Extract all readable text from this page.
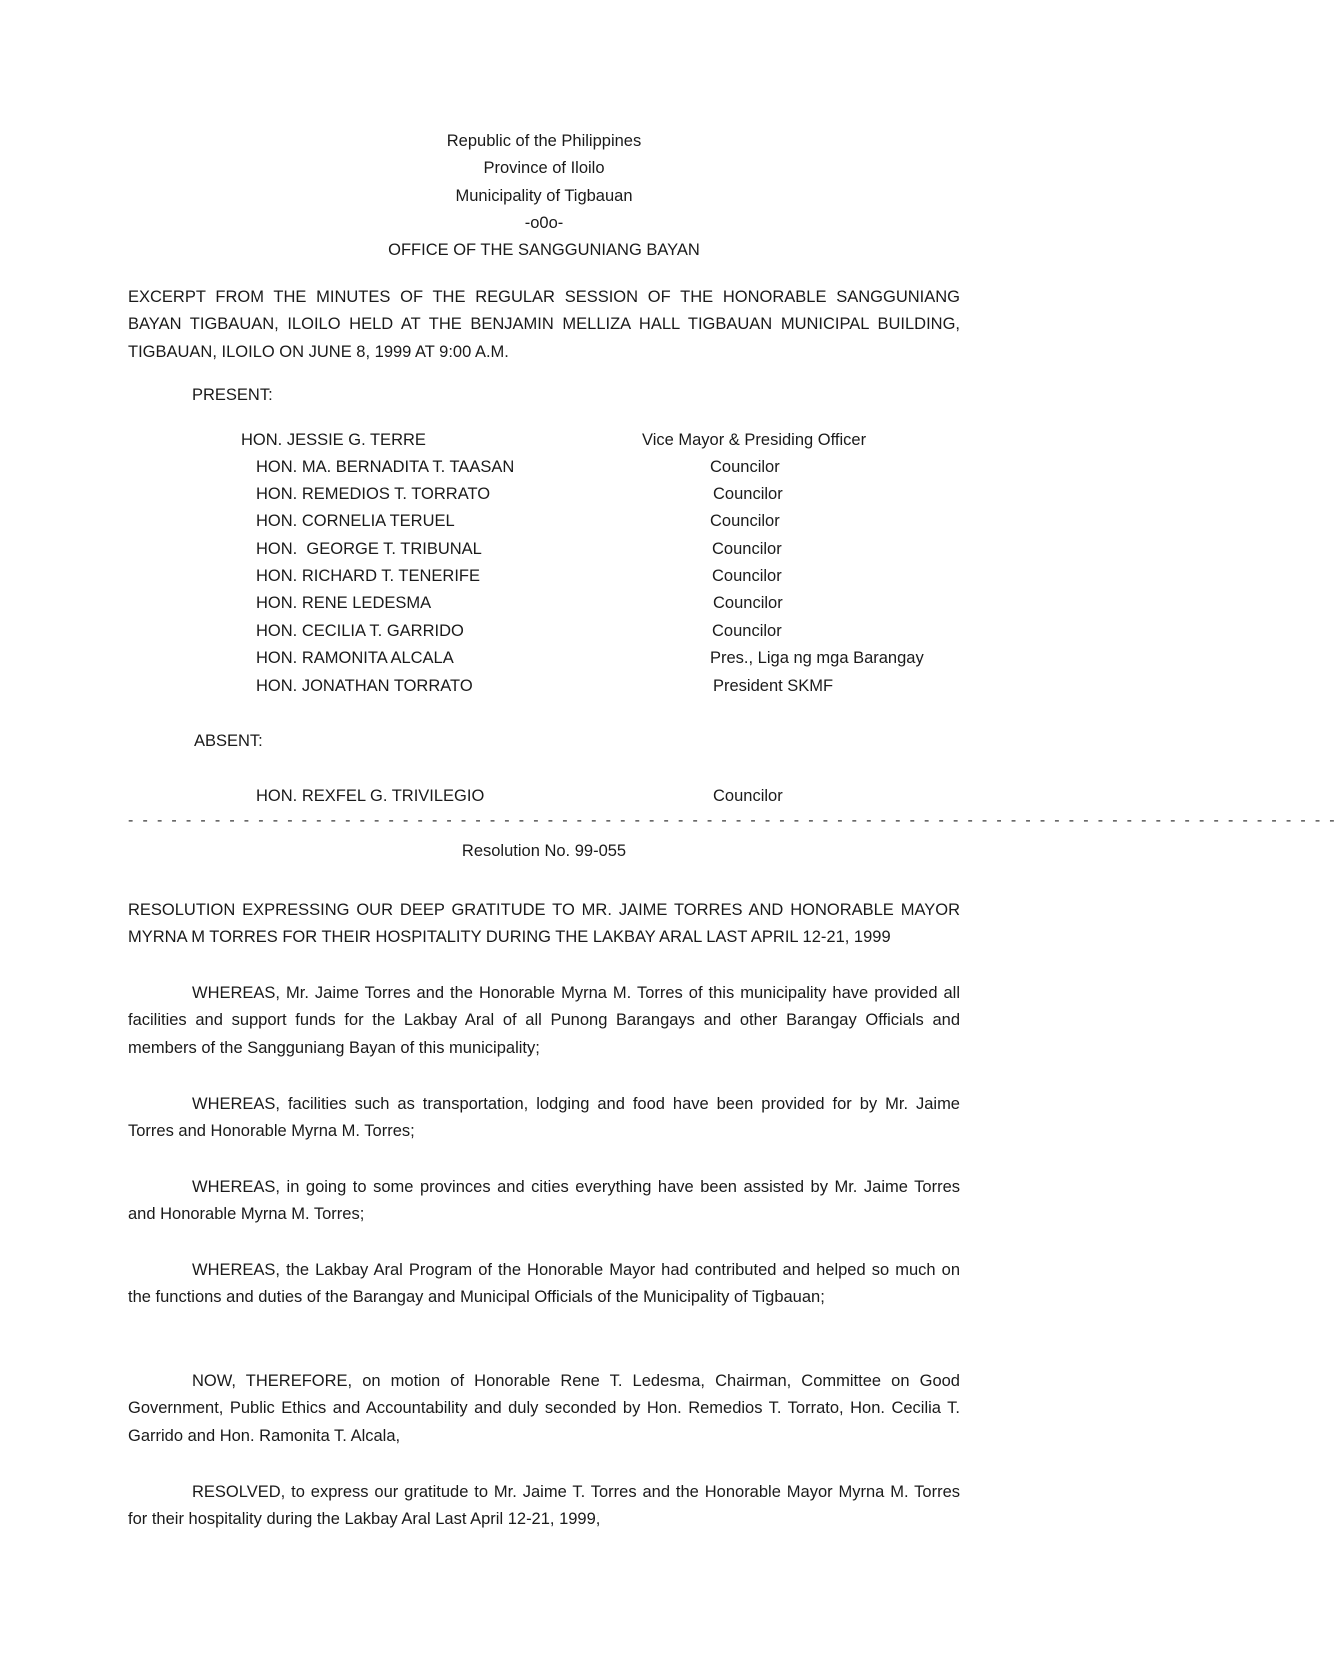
Republic of the Philippines
Province of Iloilo
Municipality of Tigbauan
-o0o-
OFFICE OF THE SANGGUNIANG BAYAN
EXCERPT FROM THE MINUTES OF THE REGULAR SESSION OF THE HONORABLE SANGGUNIANG BAYAN TIGBAUAN, ILOILO HELD AT THE BENJAMIN MELLIZA HALL TIGBAUAN MUNICIPAL BUILDING, TIGBAUAN, ILOILO ON JUNE 8, 1999 AT 9:00 A.M.
PRESENT:
HON. JESSIE G. TERRE	Vice Mayor & Presiding Officer
HON. MA. BERNADITA T. TAASAN	Councilor
HON. REMEDIOS T. TORRATO	Councilor
HON. CORNELIA TERUEL	Councilor
HON.  GEORGE T. TRIBUNAL	Councilor
HON. RICHARD T. TENERIFE	Councilor
HON. RENE LEDESMA	Councilor
HON. CECILIA T. GARRIDO	Councilor
HON. RAMONITA ALCALA	Pres., Liga ng mga Barangay
HON. JONATHAN TORRATO	President SKMF
ABSENT:
HON. REXFEL G. TRIVILEGIO	Councilor
- - - - - - - - - - - - - - - - - - - - - - - - - - - - - - - - - - - - - - - - - - - - - - - - - - - - - - - - - - - - - - - - - - - - - - - - - - - - - - - - - - - -
Resolution No. 99-055
RESOLUTION EXPRESSING OUR DEEP GRATITUDE TO MR. JAIME TORRES AND HONORABLE MAYOR MYRNA M TORRES FOR THEIR HOSPITALITY DURING THE LAKBAY ARAL LAST APRIL 12-21, 1999
WHEREAS, Mr. Jaime Torres and the Honorable Myrna M. Torres of this municipality have provided all facilities and support funds for the Lakbay Aral of all Punong Barangays and other Barangay Officials and members of the Sangguniang Bayan of this municipality;
WHEREAS, facilities such as transportation, lodging and food have been provided for by Mr. Jaime Torres and Honorable Myrna M. Torres;
WHEREAS, in going to some provinces and cities everything have been assisted by Mr. Jaime Torres and Honorable Myrna M. Torres;
WHEREAS, the Lakbay Aral Program of the Honorable Mayor had contributed and helped so much on the functions and duties of the Barangay and Municipal Officials of the Municipality of Tigbauan;
NOW, THEREFORE, on motion of Honorable Rene T. Ledesma, Chairman, Committee on Good Government, Public Ethics and Accountability and duly seconded by Hon. Remedios T. Torrato, Hon. Cecilia T. Garrido and Hon. Ramonita T. Alcala,
RESOLVED, to express our gratitude to Mr. Jaime T. Torres and the Honorable Mayor Myrna M. Torres for their hospitality during the Lakbay Aral Last April 12-21, 1999,
